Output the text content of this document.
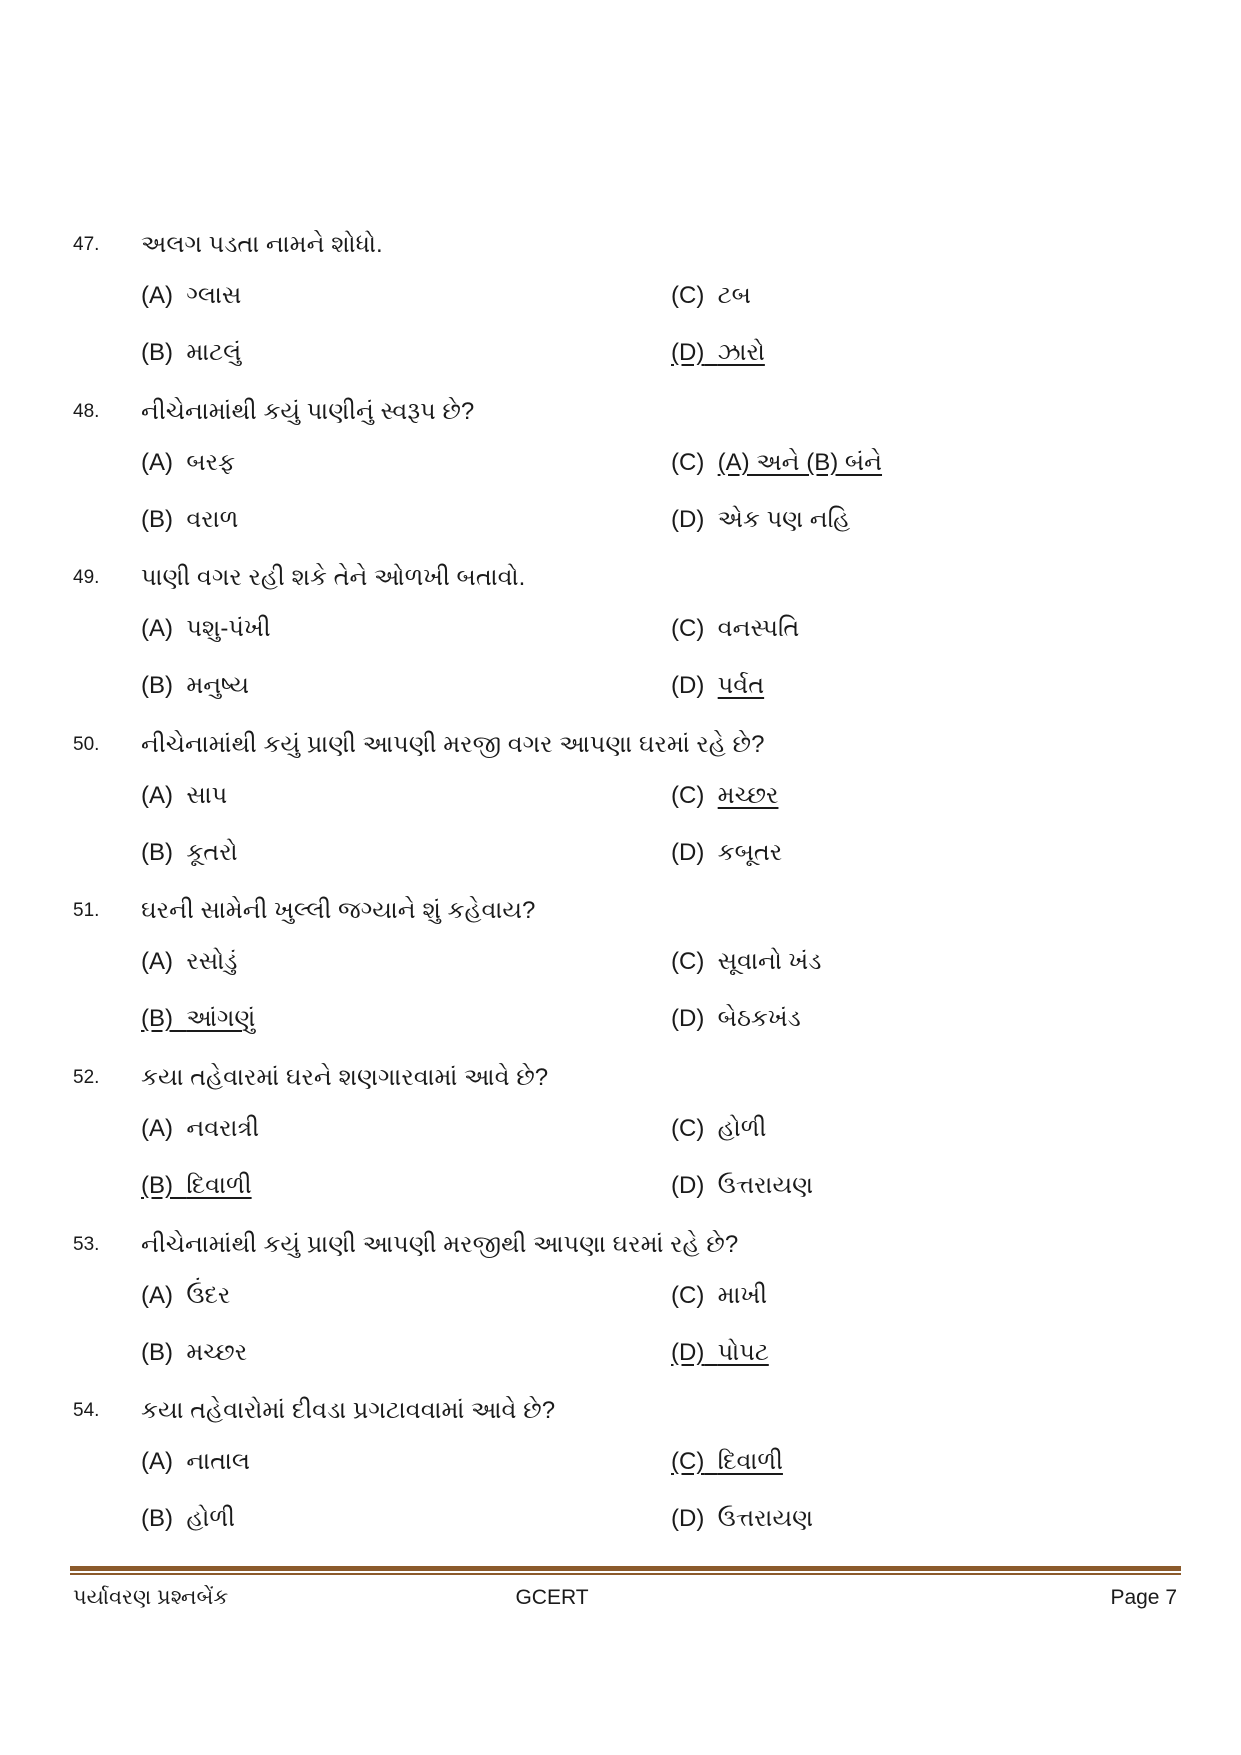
47. અલગ પડતા નામને શોધો.
(A) ગ્લાસ
(B) માટલું
(C) ટબ
(D) ઝારો
48. નીચેનામાંથી કયું પાણીનું સ્વરૂપ છે?
(A) બરફ
(B) વરાળ
(C) (A) અને (B) બંને
(D) એક પણ નહિ
49. પાણી વગર રહી શકે તેને ઓળખી બતાવો.
(A) પશુ-પંખી
(B) મનુષ્ય
(C) વનસ્પતિ
(D) પર્વત
50. નીચેનામાંથી કયું પ્રાણી આપણી મરજી વગર આપણા ઘરમાં રહે છે?
(A) સાપ
(B) કૂતરો
(C) મચ્છર
(D) કબૂતર
51. ઘરની સામેની ખુલ્લી જગ્યાને શું કહેવાય?
(A) રસોડું
(B) આંગણું
(C) સૂવાનો ખંડ
(D) બેઠકખંડ
52. કયા તહેવારમાં ઘરને શણગારવામાં આવે છે?
(A) નવરાત્રી
(B) દિવાળી
(C) હોળી
(D) ઉત્તરાયણ
53. નીચેનામાંથી કયું પ્રાણી આપણી મરજીથી આપણા ઘરમાં રહે છે?
(A) ઉંદર
(B) મચ્છર
(C) માખી
(D) પોપટ
54. કયા તહેવારોમાં દીવડા પ્રગટાવવામાં આવે છે?
(A) નાતાલ
(B) હોળી
(C) દિવાળી
(D) ઉત્તરાયણ
પર્યાવરણ પ્રશ્નબેંક	GCERT	Page 7
